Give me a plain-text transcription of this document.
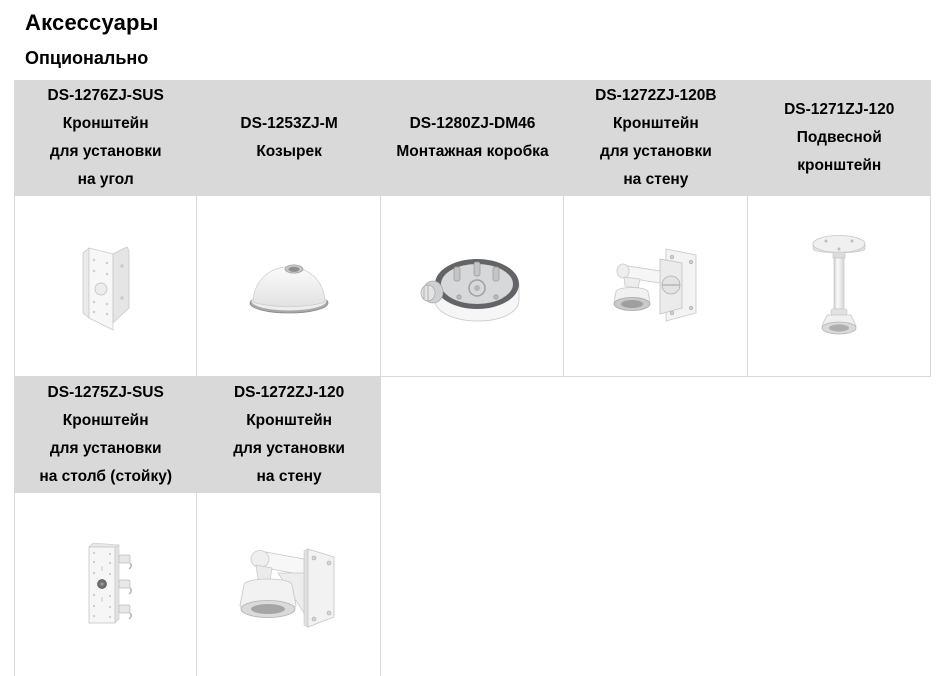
Аксессуары
Опционально
DS-1276ZJ-SUS
Кронштейн
для установки
на угол
DS-1253ZJ-M
Козырек
DS-1280ZJ-DM46
Монтажная коробка
DS-1272ZJ-120B
Кронштейн
для установки
на стену
DS-1271ZJ-120
Подвесной
кронштейн
DS-1275ZJ-SUS
Кронштейн
для установки
на столб (стойку)
DS-1272ZJ-120
Кронштейн
для установки
на стену
